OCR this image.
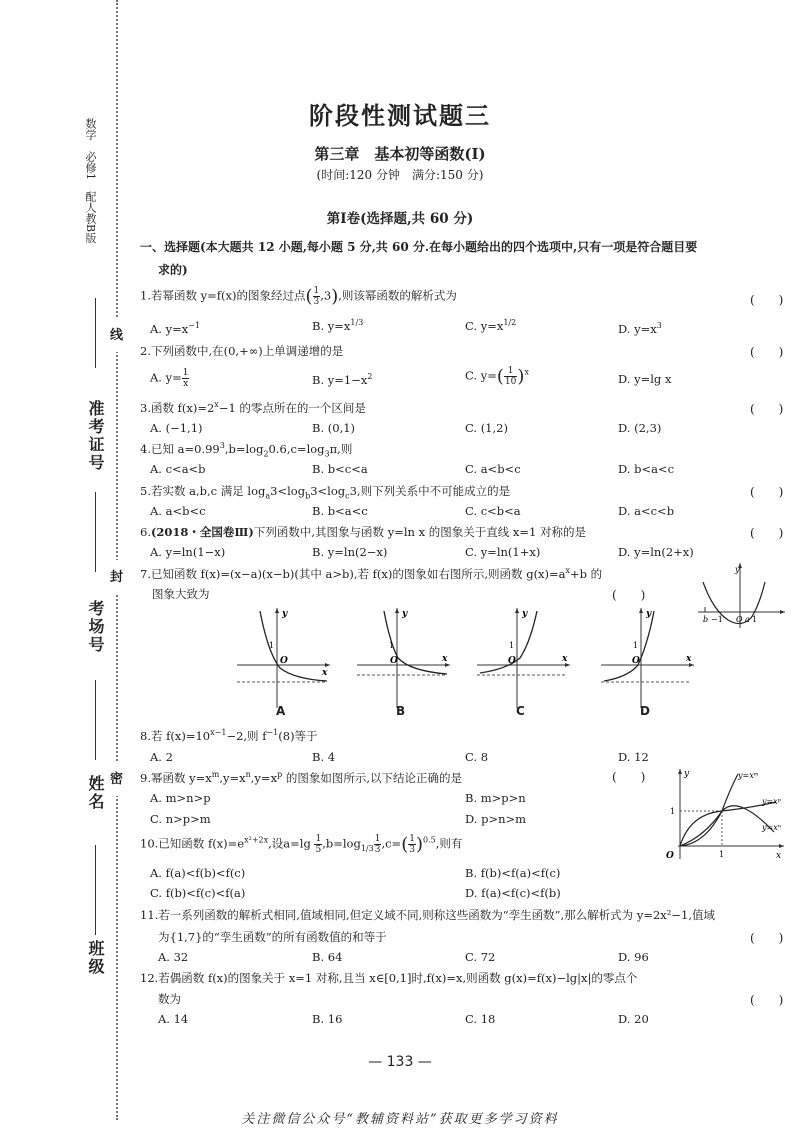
数学　必修1　配人教B版
准考证号
考场号
姓名
班级
线
封
密
阶段性测试题三
第三章　基本初等函数(Ⅰ)
(时间:120 分钟　满分:150 分)
第Ⅰ卷(选择题,共 60 分)
一、选择题(本大题共 12 小题,每小题 5 分,共 60 分.在每小题给出的四个选项中,只有一项是符合题目要
求的)
1.若幂函数 y=f(x)的图象经过点( $\frac{1}{3} ,3$),则该幂函数的解析式为	(　　)
A. $y=x^{-1}$	B. $y=x^{1/3}$	C. $y=x^{1/2}$	D. $y=x^3$
2.下列函数中,在(0,+∞)上单调递增的是	(　　)
A. $y= \frac{1}{x}$	B. $y=1-x^2$	C. $y=( \frac{1}{10} )^x$	D. y=lg x
3.函数 $f(x)=2^x-1$ 的零点所在的一个区间是	(　　)
A. (−1,1)	B. (0,1)	C. (1,2)	D. (2,3)
4.已知 $a=0.99^3,b=\log_20.6,c=\log_3\pi$,则
A. c<a<b	B. b<c<a	C. a<b<c	D. b<a<c
5.若实数 a,b,c 满足 $\log_a3<\log_b3<\log_c3$,则下列关系中不可能成立的是	(　　)
A. a<b<c	B. b<a<c	C. c<b<a	D. a<c<b
6.(2018・全国卷Ⅲ)下列函数中,其图象与函数 y=ln x 的图象关于直线 x=1 对称的是	(　　)
A. y=ln(1−x)	B. y=ln(2−x)	C. y=ln(1+x)	D. y=ln(2+x)
7.已知函数 f(x)=(x−a)(x−b)(其中 a>b),若 f(x)的图象如右图所示,则函数 $g(x)=a^x+b$ 的
图象大致为	(　　)
y
b −1 O a 1
y
x
O
1
A
y
x
O
1
B
y
x
O
1
C
y
x
O
1
D
8.若 $f(x)=10^{x-1}-2$,则 $f^{-1}(8)$等于
A. 2	B. 4	C. 8	D. 12
9.幂函数 $y=x^m,y=x^n,y=x^p$ 的图象如图所示,以下结论正确的是	(　　)
A. m>n>p	B. m>p>n
C. n>p>m	D. p>n>m
y=xᵐ
y=xᵖ
y=xⁿ
1
1
O	x
y
10.已知函数 $f(x)=e^{x^2+2x}$,设$a=\lg \frac{1}{5} ,b=\log_{1/3} \frac{1}{3} ,c=( \frac{1}{3} )^{0.5}$,则有
A. f(a)<f(b)<f(c)	B. f(b)<f(a)<f(c)
C. f(b)<f(c)<f(a)	D. f(a)<f(c)<f(b)
11.若一系列函数的解析式相同,值域相同,但定义域不同,则称这些函数为“孪生函数”,那么解析式为 y=2x²−1,值域
为{1,7}的“孪生函数”的所有函数值的和等于	(　　)
A. 32	B. 64	C. 72	D. 96
12.若偶函数 f(x)的图象关于 x=1 对称,且当 x∈[0,1]时,f(x)=x,则函数 g(x)=f(x)−lg|x|的零点个
数为	(　　)
A. 14	B. 16	C. 18	D. 20
— 133 —
关注微信公众号“教辅资料站”获取更多学习资料
